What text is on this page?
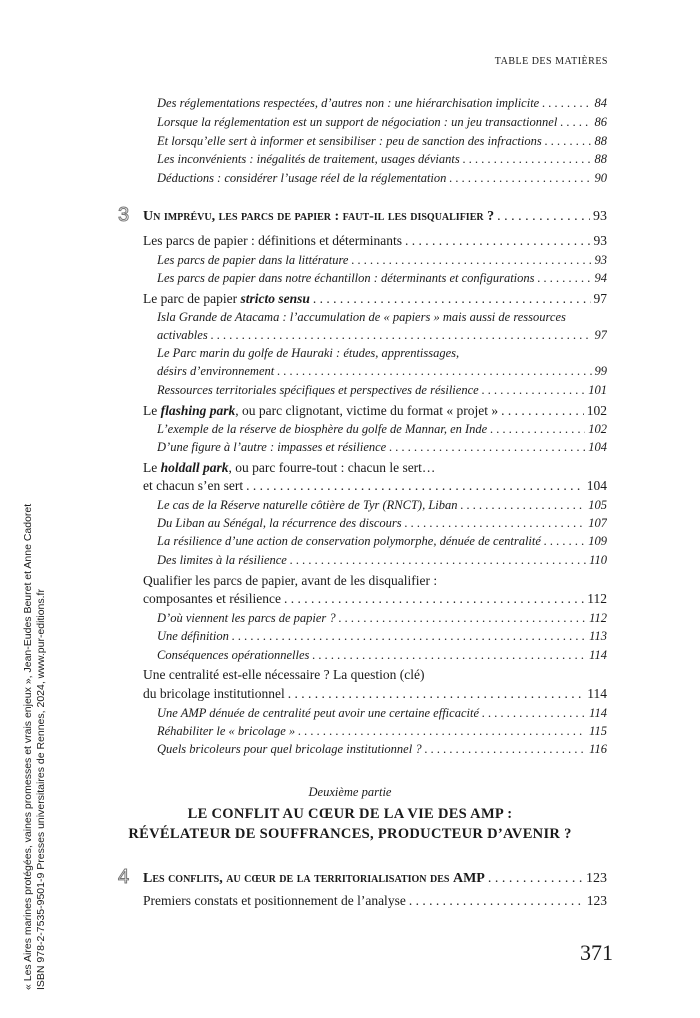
TABLE DES MATIÈRES
Des réglementations respectées, d’autres non : une hiérarchisation implicite . . .	84
Lorsque la réglementation est un support de négociation : un jeu transactionnel . . .	86
Et lorsqu’elle sert à informer et sensibiliser : peu de sanction des infractions . . .	88
Les inconvénients : inégalités de traitement, usages déviants . . .	88
Déductions : considérer l’usage réel de la réglementation . . .	90
3 Un imprévu, les parcs de papier : faut-il les disqualifier ? . . .	93
Les parcs de papier : définitions et déterminants . . .	93
Les parcs de papier dans la littérature . . .	93
Les parcs de papier dans notre échantillon : déterminants et configurations . . .	94
Le parc de papier stricto sensu . . .	97
Isla Grande de Atacama : l’accumulation de « papiers » mais aussi de ressources
activables . . .	97
Le Parc marin du golfe de Hauraki : études, apprentissages,
désirs d’environnement . . .	99
Ressources territoriales spécifiques et perspectives de résilience . . .	101
Le flashing park, ou parc clignotant, victime du format « projet » . . .	102
L’exemple de la réserve de biosphère du golfe de Mannar, en Inde . . .	102
D’une figure à l’autre : impasses et résilience . . .	104
Le holdall park, ou parc fourre-tout : chacun le sert…
et chacun s’en sert . . .	104
Le cas de la Réserve naturelle côtière de Tyr (RNCT), Liban . . .	105
Du Liban au Sénégal, la récurrence des discours . . .	107
La résilience d’une action de conservation polymorphe, dénuée de centralité . . .	109
Des limites à la résilience . . .	110
Qualifier les parcs de papier, avant de les disqualifier :
composantes et résilience . . .	112
D’où viennent les parcs de papier ? . . .	112
Une définition . . .	113
Conséquences opérationnelles . . .	114
Une centralité est-elle nécessaire ? La question (clé)
du bricolage institutionnel . . .	114
Une AMP dénuée de centralité peut avoir une certaine efficacité . . .	114
Réhabiliter le « bricolage » . . .	115
Quels bricoleurs pour quel bricolage institutionnel ? . . .	116
Deuxième partie
LE CONFLIT AU CŒUR DE LA VIE DES AMP :
RÉVÉLATEUR DE SOUFFRANCES, PRODUCTEUR D’AVENIR ?
4 Les conflits, au cœur de la territorialisation des AMP . . .	123
Premiers constats et positionnement de l’analyse . . .	123
371
« Les Aires marines protégées, vaines promesses et vrais enjeux », Jean-Eudes Beuret et Anne Cadoret ISBN 978-2-7535-9501-9 Presses universitaires de Rennes, 2024, www.pur-editions.fr
